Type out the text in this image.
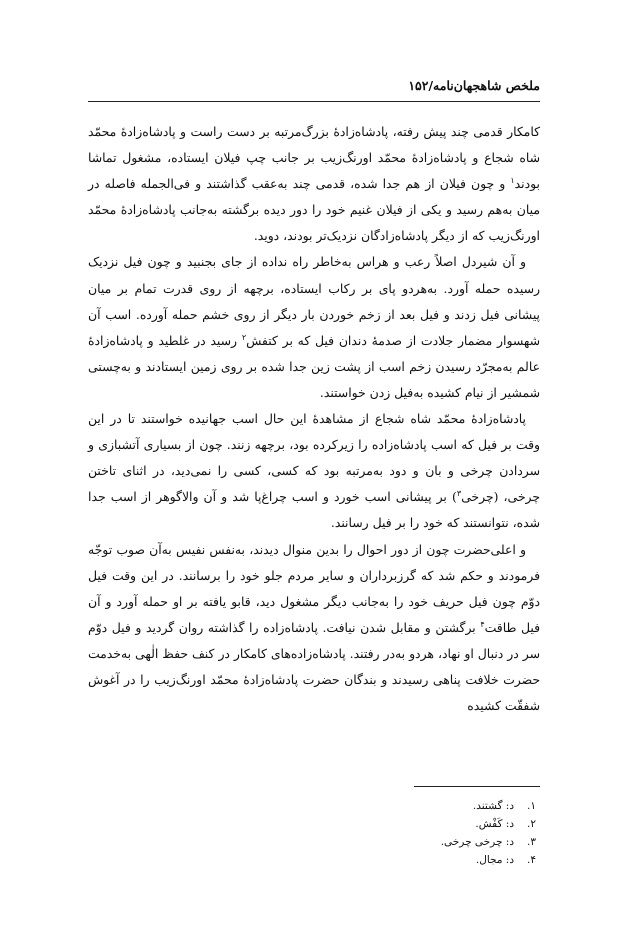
ملخص شاهجهان‌نامه/۱۵۲

کامکار قدمی چند پیش رفته، پادشاه‌زادهٔ بزرگ‌مرتبه بر دست راست و پادشاه‌زادهٔ محمّد شاه شجاع و پادشاه‌زادهٔ محمّد اورنگ‌زیب بر جانب چپ فیلان ایستاده، مشغول تماشا بودند$^۱$ و چون فیلان از هم جدا شده، قدمی چند به‌عقب گذاشتند و فی‌الجمله فاصله در میان به‌هم رسید و یکی از فیلان غنیم خود را دور دیده برگشته به‌جانب پادشاه‌زادهٔ محمّد اورنگ‌زیب که از دیگر پادشاه‌زادگان نزدیک‌تر بودند، دوید.

و آن شیردل اصلاً رعب و هراس به‌خاطر راه نداده از جای بجنبید و چون فیل نزدیک رسیده حمله آورد. به‌هردو پای بر رکاب ایستاده، برچهه از روی قدرت تمام بر میان پیشانی فیل زدند و فیل بعد از زخم خوردن بار دیگر از روی خشم حمله آورده. اسب آن شهسوار مضمار جلادت از صدمهٔ دندان فیل که بر کتفش$^۲$ رسید در غلطید و پادشاه‌زادهٔ عالم به‌مجرّد رسیدن زخم اسب از پشت زین جدا شده بر روی زمین ایستادند و به‌چستی شمشیر از نیام کشیده به‌فیل زدن خواستند.

پادشاه‌زادهٔ محمّد شاه شجاع از مشاهدهٔ این حال اسب جهانیده خواستند تا در این وقت بر فیل که اسب پادشاه‌زاده را زیرکرده بود، برچهه زنند. چون از بسیاری آتشبازی و سردادن چرخی و بان و دود به‌مرتبه بود که کسی، کسی را نمی‌دید، در اثنای تاختن چرخی، (چرخی$^۳$) بر پیشانی اسب خورد و اسب چراغ‌پا شد و آن والاگوهر از اسب جدا شده، نتوانستند که خود را بر فیل رسانند.

و اعلی‌حضرت چون از دور احوال را بدین منوال دیدند، به‌نفس نفیس به‌آن صوب توجّه فرمودند و حکم شد که گرزبرداران و سایر مردم جلو خود را برسانند. در این وقت فیل دوّم چون فیل حریف خود را به‌جانب دیگر مشغول دید، قابو یافته بر او حمله آورد و آن فیل طاقت$^۴$ برگشتن و مقابل شدن نیافت. پادشاه‌زاده را گذاشته روان گردید و فیل دوّم سر در دنبال او نهاد، هردو به‌در رفتند. پادشاه‌زاده‌های کامکار در کنف حفظ الٰهی به‌خدمت حضرت خلافت پناهی رسیدند و بندگان حضرت پادشاه‌زادهٔ محمّد اورنگ‌زیب را در آغوش شفقّت کشیده

۱.د: گشتند.

۲.د: کَفْش.

۳.د: چرخی چرخی.

۴.د: مجال.
